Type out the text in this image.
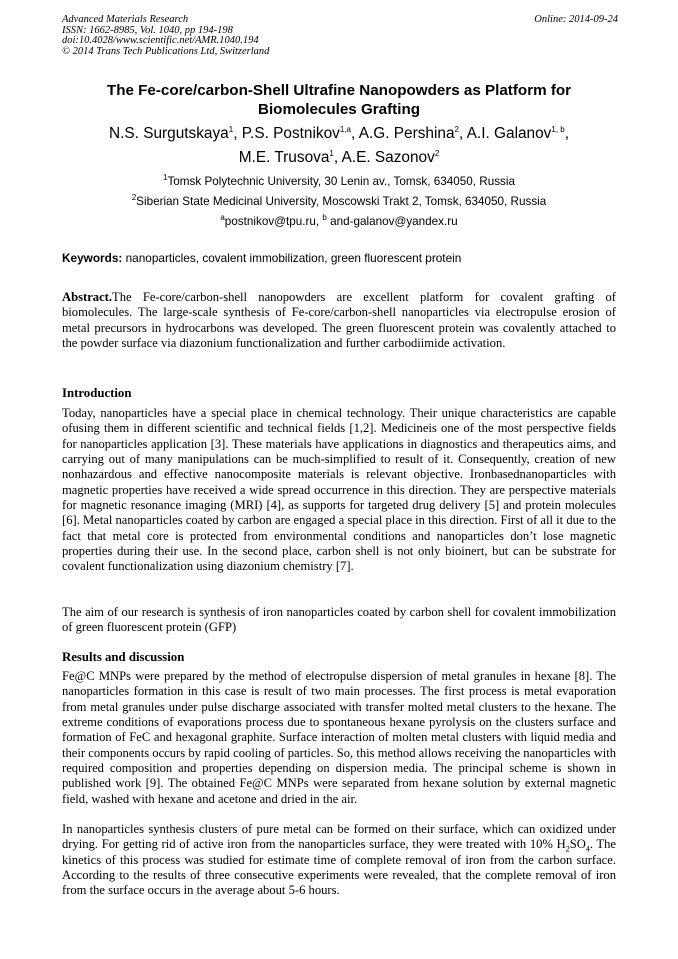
Advanced Materials Research
ISSN: 1662-8985, Vol. 1040, pp 194-198
doi:10.4028/www.scientific.net/AMR.1040.194
© 2014 Trans Tech Publications Ltd, Switzerland
Online: 2014-09-24
The Fe-core/carbon-Shell Ultrafine Nanopowders as Platform for Biomolecules Grafting
N.S. Surgutskaya$^1$, P.S. Postnikov$^{1,a}$, A.G. Pershina$^2$, A.I. Galanov$^{1, b}$,
M.E. Trusova$^1$, A.E. Sazonov$^2$
$^1$Tomsk Polytechnic University, 30 Lenin av., Tomsk, 634050, Russia
$^2$Siberian State Medicinal University, Moscowski Trakt 2, Tomsk, 634050, Russia
$^a$postnikov@tpu.ru, $^b$ and-galanov@yandex.ru
Keywords: nanoparticles, covalent immobilization, green fluorescent protein
Abstract.The Fe-core/carbon-shell nanopowders are excellent platform for covalent grafting of biomolecules. The large-scale synthesis of Fe-core/carbon-shell nanoparticles via electropulse erosion of metal precursors in hydrocarbons was developed. The green fluorescent protein was covalently attached to the powder surface via diazonium functionalization and further carbodiimide activation.
Introduction
Today, nanoparticles have a special place in chemical technology. Their unique characteristics are capable ofusing them in different scientific and technical fields [1,2]. Medicineis one of the most perspective fields for nanoparticles application [3]. These materials have applications in diagnostics and therapeutics aims, and carrying out of many manipulations can be much-simplified to result of it. Consequently, creation of new nonhazardous and effective nanocomposite materials is relevant objective. Ironbasednanoparticles with magnetic properties have received a wide spread occurrence in this direction. They are perspective materials for magnetic resonance imaging (MRI) [4], as supports for targeted drug delivery [5] and protein molecules [6]. Metal nanoparticles coated by carbon are engaged a special place in this direction. First of all it due to the fact that metal core is protected from environmental conditions and nanoparticles don’t lose magnetic properties during their use. In the second place, carbon shell is not only bioinert, but can be substrate for covalent functionalization using diazonium chemistry [7].
The aim of our research is synthesis of iron nanoparticles coated by carbon shell for covalent immobilization of green fluorescent protein (GFP)
Results and discussion
Fe@C MNPs were prepared by the method of electropulse dispersion of metal granules in hexane [8]. The nanoparticles formation in this case is result of two main processes. The first process is metal evaporation from metal granules under pulse discharge associated with transfer molted metal clusters to the hexane. The extreme conditions of evaporations process due to spontaneous hexane pyrolysis on the clusters surface and formation of FeC and hexagonal graphite. Surface interaction of molten metal clusters with liquid media and their components occurs by rapid cooling of particles. So, this method allows receiving the nanoparticles with required composition and properties depending on dispersion media. The principal scheme is shown in published work [9]. The obtained Fe@C MNPs were separated from hexane solution by external magnetic field, washed with hexane and acetone and dried in the air.
In nanoparticles synthesis clusters of pure metal can be formed on their surface, which can oxidized under drying. For getting rid of active iron from the nanoparticles surface, they were treated with 10% $H_2SO_4$. The kinetics of this process was studied for estimate time of complete removal of iron from the carbon surface. According to the results of three consecutive experiments were revealed, that the complete removal of iron from the surface occurs in the average about 5-6 hours.
